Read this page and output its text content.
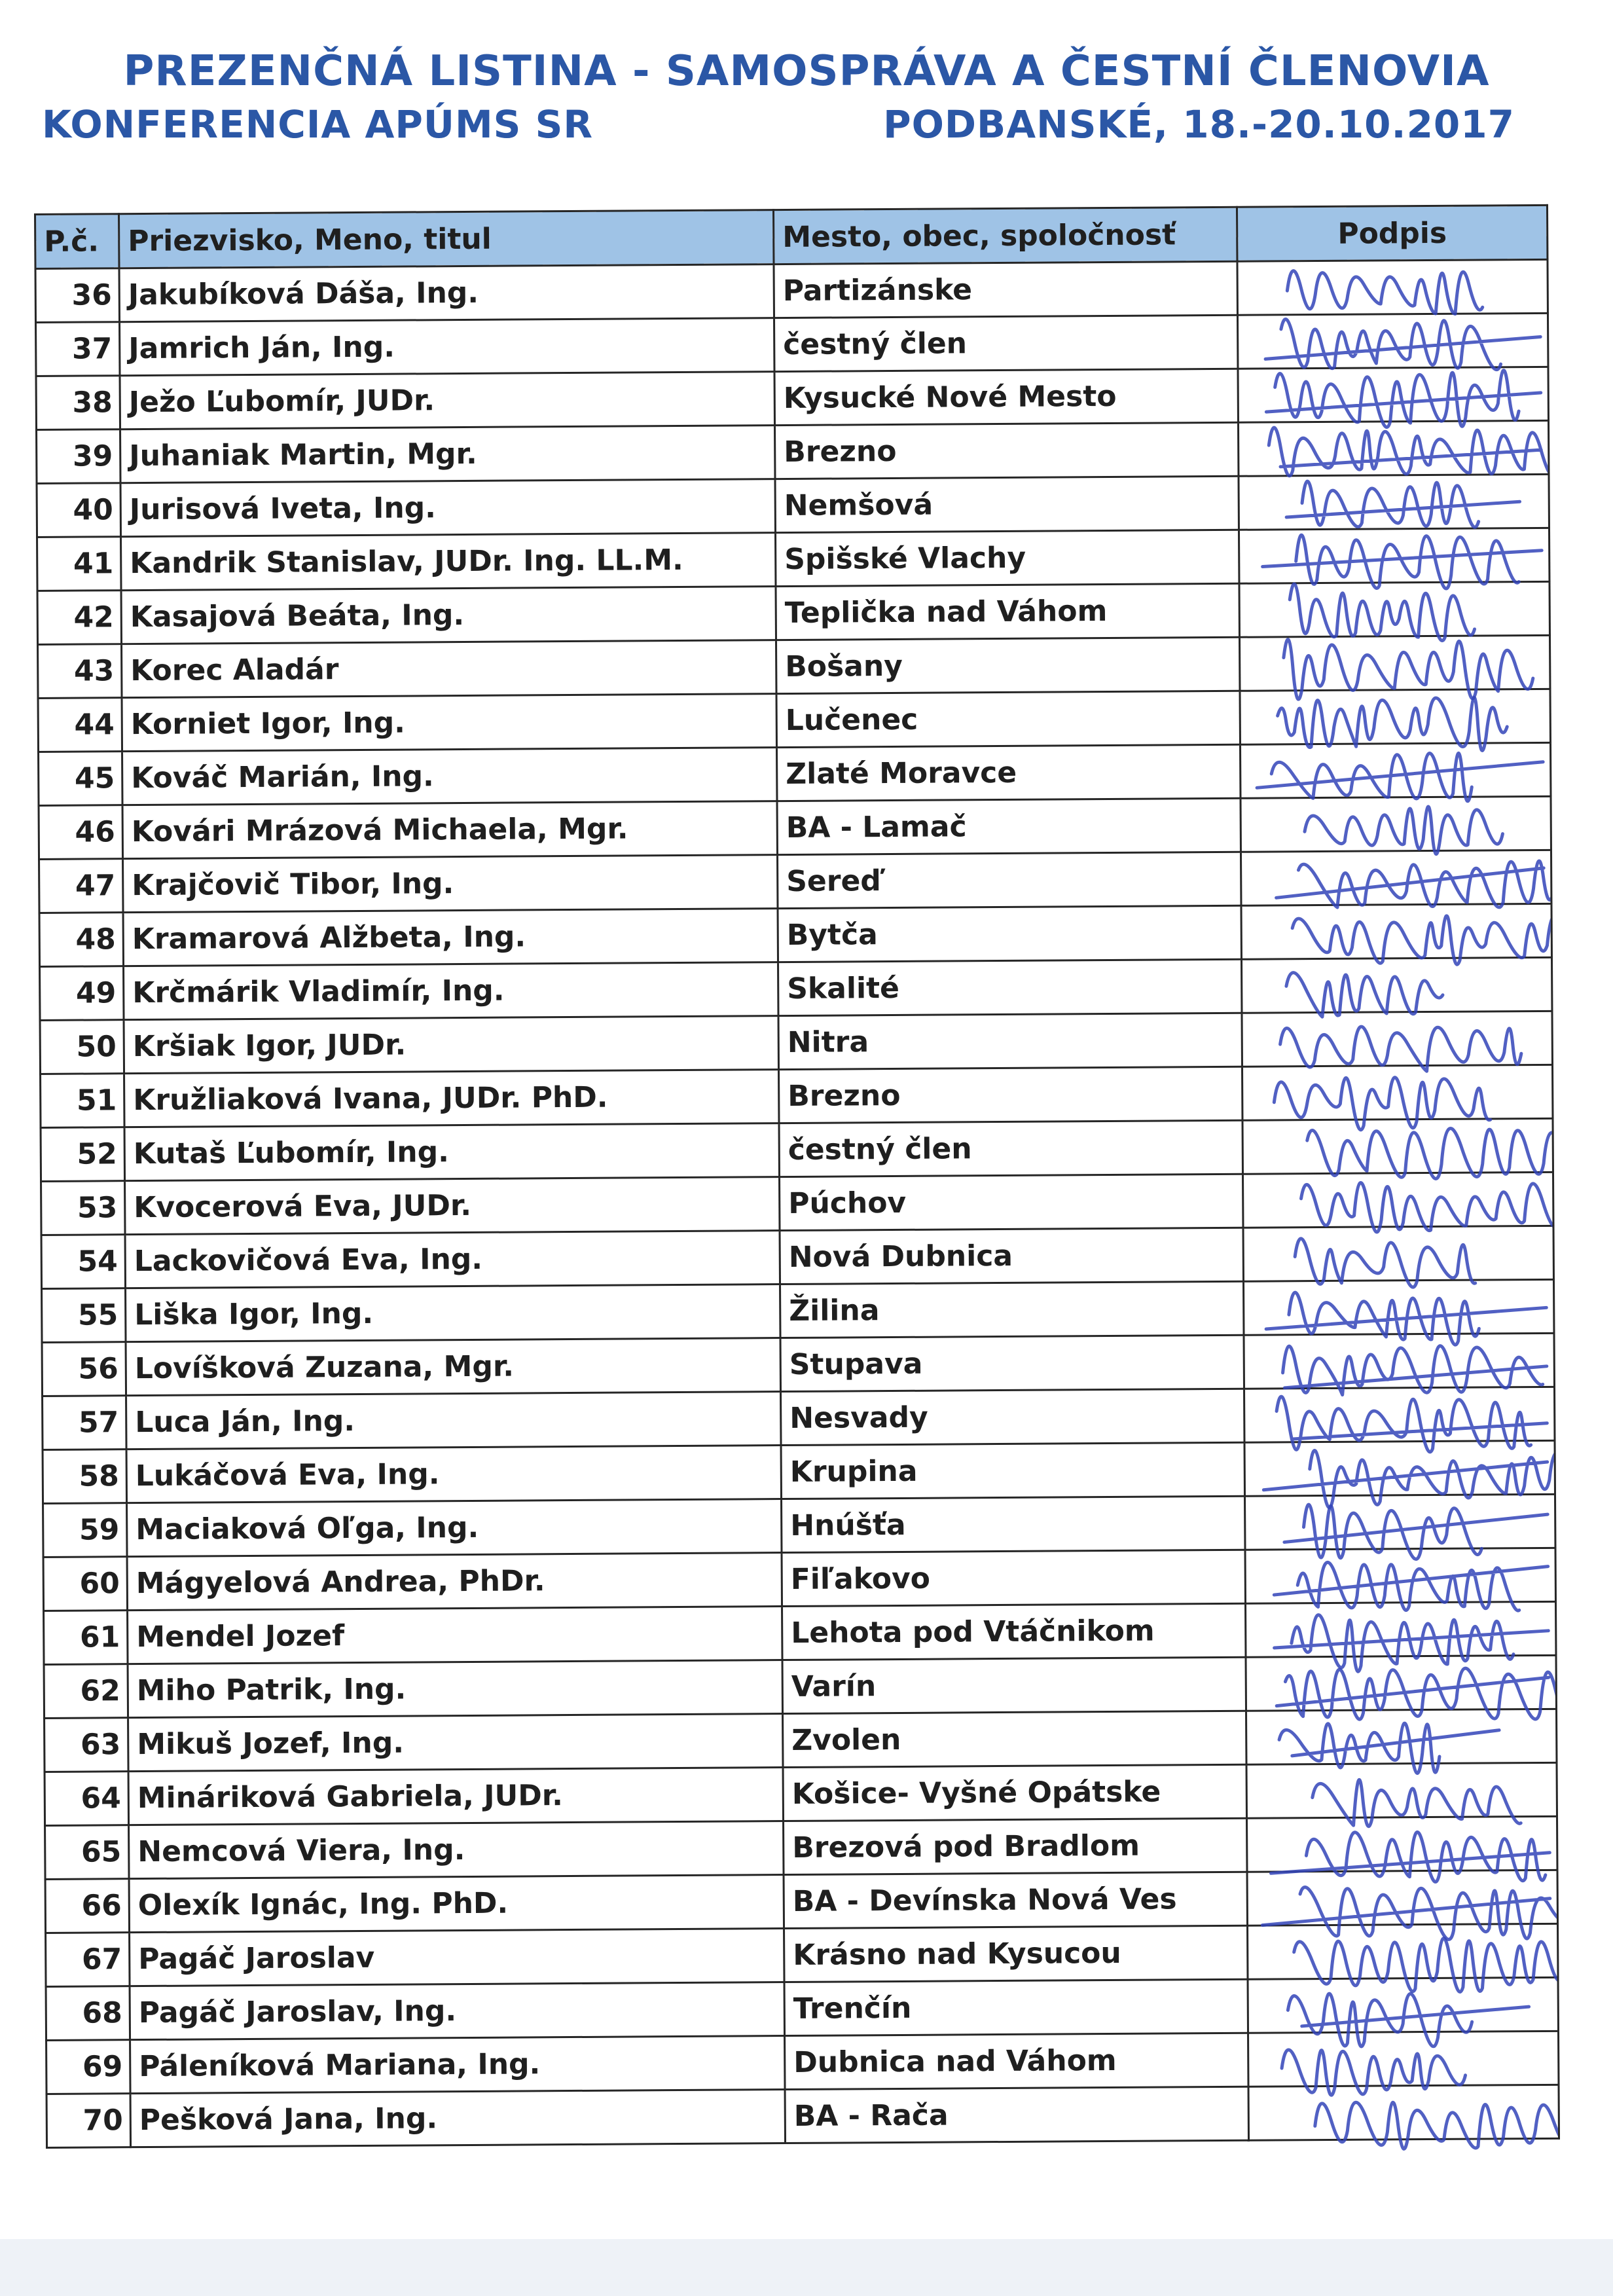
PREZENČNÁ LISTINA - SAMOSPRÁVA A ČESTNÍ ČLENOVIA
KONFERENCIA APÚMS SR	PODBANSKÉ, 18.-20.10.2017
P.č.	Priezvisko, Meno, titul	Mesto, obec, spoločnosť	Podpis
36	Jakubíková Dáša, Ing.	Partizánske	
37	Jamrich Ján, Ing.	čestný člen	
38	Ježo Ľubomír, JUDr.	Kysucké Nové Mesto	
39	Juhaniak Martin, Mgr.	Brezno	
40	Jurisová Iveta, Ing.	Nemšová	
41	Kandrik Stanislav, JUDr. Ing. LL.M.	Spišské Vlachy	
42	Kasajová Beáta, Ing.	Teplička nad Váhom	
43	Korec Aladár	Bošany	
44	Korniet Igor, Ing.	Lučenec	
45	Kováč Marián, Ing.	Zlaté Moravce	
46	Kovári Mrázová Michaela, Mgr.	BA - Lamač	
47	Krajčovič Tibor, Ing.	Sereď	
48	Kramarová Alžbeta, Ing.	Bytča	
49	Krčmárik Vladimír, Ing.	Skalité	
50	Kršiak Igor, JUDr.	Nitra	
51	Kružliaková Ivana, JUDr. PhD.	Brezno	
52	Kutaš Ľubomír, Ing.	čestný člen	
53	Kvocerová Eva, JUDr.	Púchov	
54	Lackovičová Eva, Ing.	Nová Dubnica	
55	Liška Igor, Ing.	Žilina	
56	Lovíšková Zuzana, Mgr.	Stupava	
57	Luca Ján, Ing.	Nesvady	
58	Lukáčová Eva, Ing.	Krupina	
59	Maciaková Oľga, Ing.	Hnúšťa	
60	Mágyelová Andrea, PhDr.	Fiľakovo	
61	Mendel Jozef	Lehota pod Vtáčnikom	
62	Miho Patrik, Ing.	Varín	
63	Mikuš Jozef, Ing.	Zvolen	
64	Mináriková Gabriela, JUDr.	Košice- Vyšné Opátske	
65	Nemcová Viera, Ing.	Brezová pod Bradlom	
66	Olexík Ignác, Ing. PhD.	BA - Devínska Nová Ves	
67	Pagáč Jaroslav	Krásno nad Kysucou	
68	Pagáč Jaroslav, Ing.	Trenčín	
69	Páleníková Mariana, Ing.	Dubnica nad Váhom	
70	Pešková Jana, Ing.	BA - Rača	
